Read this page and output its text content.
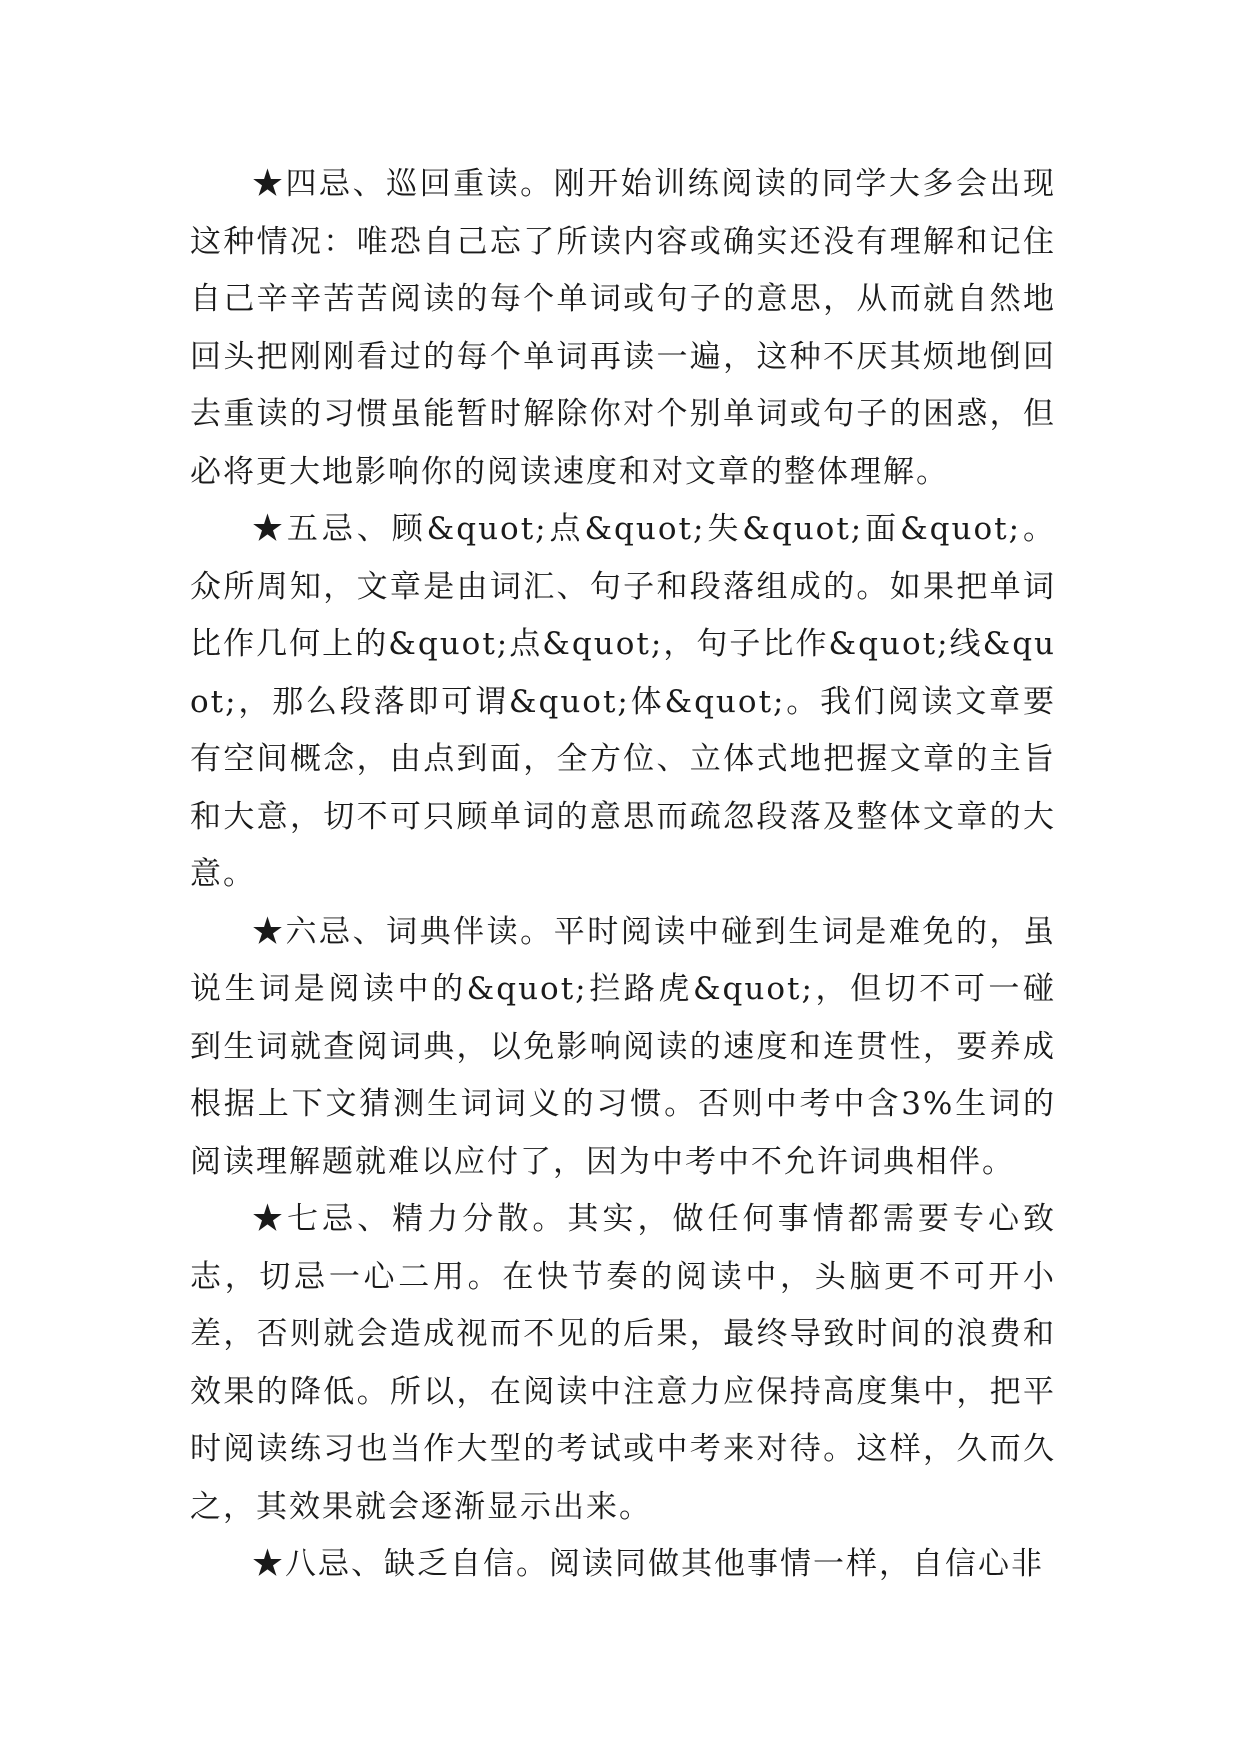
★四忌、巡回重读。刚开始训练阅读的同学大多会出现这种情况：唯恐自己忘了所读内容或确实还没有理解和记住自己辛辛苦苦阅读的每个单词或句子的意思，从而就自然地回头把刚刚看过的每个单词再读一遍，这种不厌其烦地倒回去重读的习惯虽能暂时解除你对个别单词或句子的困惑，但必将更大地影响你的阅读速度和对文章的整体理解。

★五忌、顾&quot;点&quot;失&quot;面&quot;。众所周知，文章是由词汇、句子和段落组成的。如果把单词比作几何上的&quot;点&quot;，句子比作&quot;线&quot;，那么段落即可谓&quot;体&quot;。我们阅读文章要有空间概念，由点到面，全方位、立体式地把握文章的主旨和大意，切不可只顾单词的意思而疏忽段落及整体文章的大意。

★六忌、词典伴读。平时阅读中碰到生词是难免的，虽说生词是阅读中的&quot;拦路虎&quot;，但切不可一碰到生词就查阅词典，以免影响阅读的速度和连贯性，要养成根据上下文猜测生词词义的习惯。否则中考中含3%生词的阅读理解题就难以应付了，因为中考中不允许词典相伴。

★七忌、精力分散。其实，做任何事情都需要专心致志，切忌一心二用。在快节奏的阅读中，头脑更不可开小差，否则就会造成视而不见的后果，最终导致时间的浪费和效果的降低。所以，在阅读中注意力应保持高度集中，把平时阅读练习也当作大型的考试或中考来对待。这样，久而久之，其效果就会逐渐显示出来。

★八忌、缺乏自信。阅读同做其他事情一样，自信心非
